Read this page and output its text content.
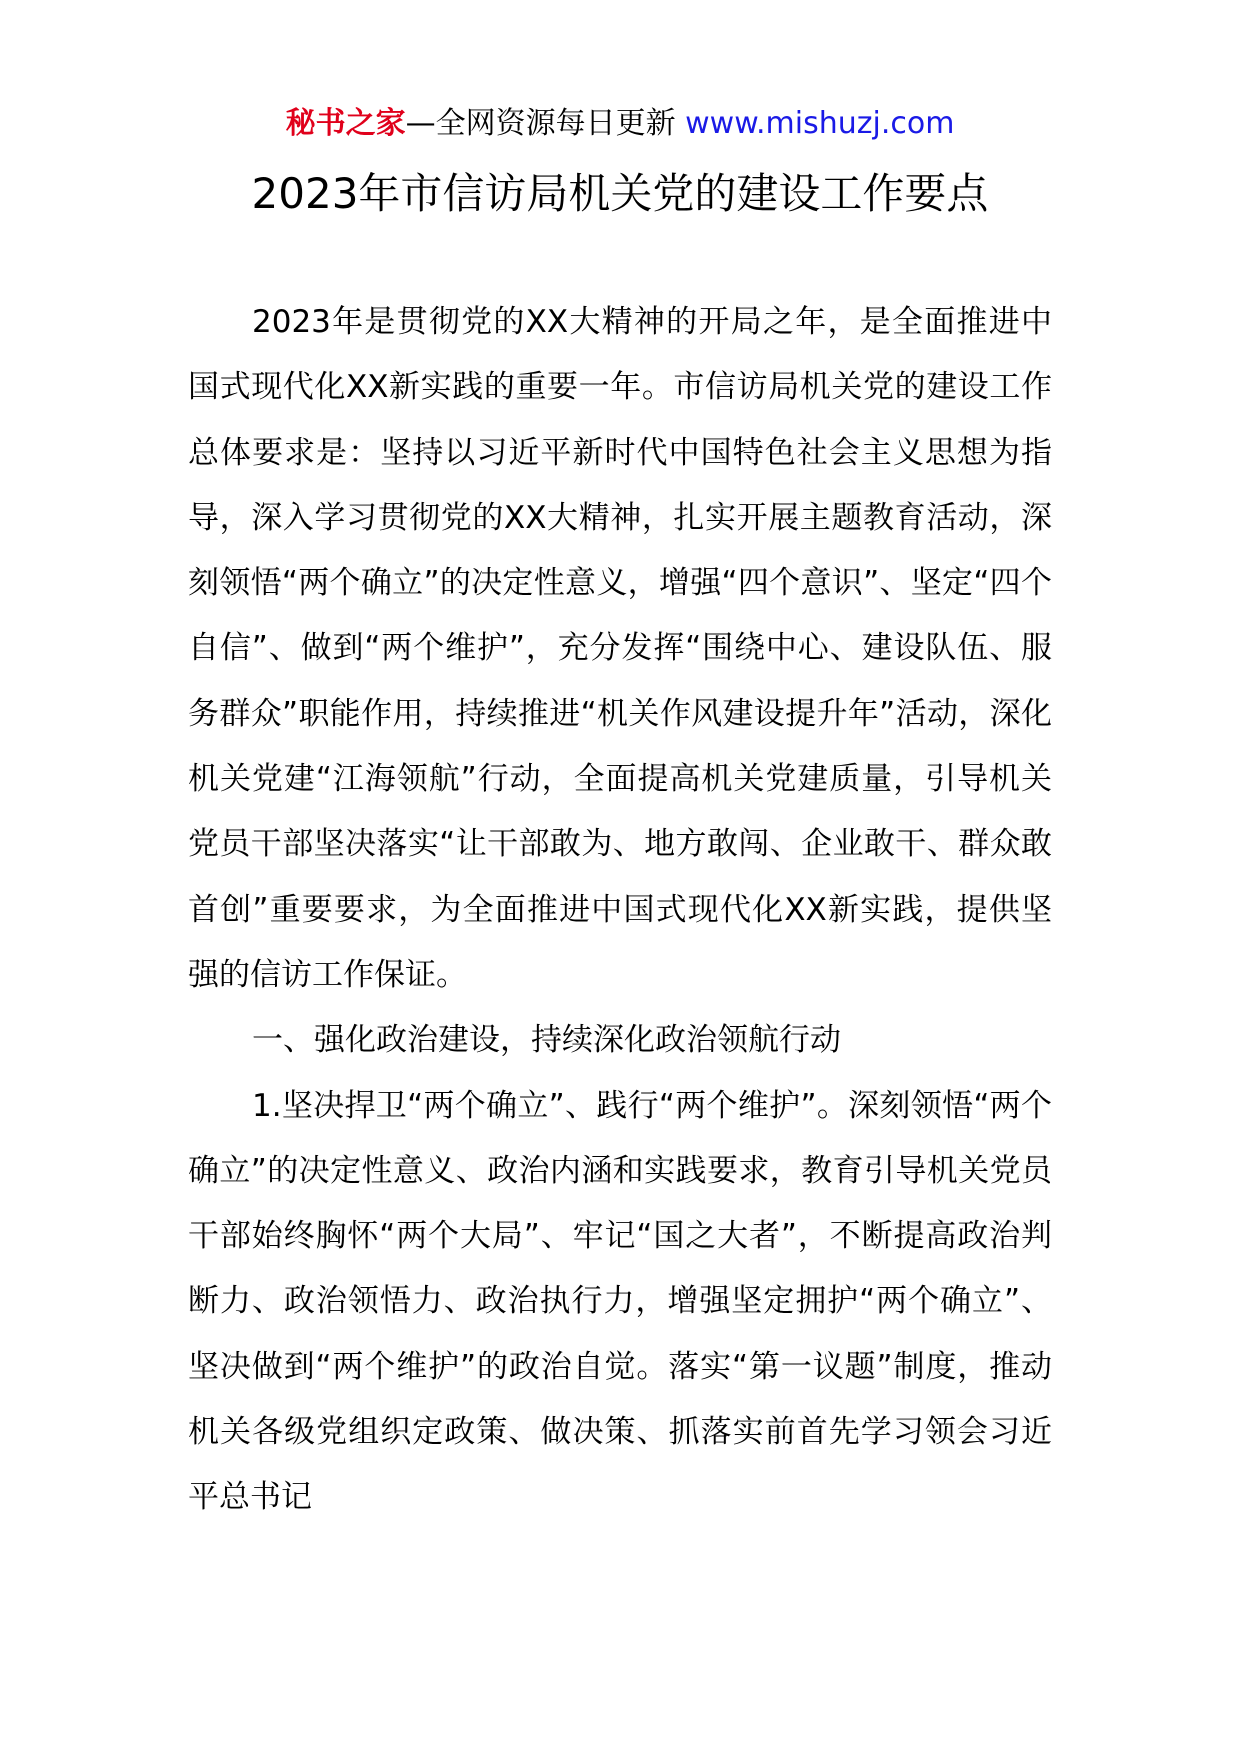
秘书之家—全网资源每日更新 www.mishuzj.com
2023年市信访局机关党的建设工作要点

2023年是贯彻党的XX大精神的开局之年，是全面推进中国式现代化XX新实践的重要一年。市信访局机关党的建设工作总体要求是：坚持以习近平新时代中国特色社会主义思想为指导，深入学习贯彻党的XX大精神，扎实开展主题教育活动，深刻领悟“两个确立”的决定性意义，增强“四个意识”、坚定“四个自信”、做到“两个维护”，充分发挥“围绕中心、建设队伍、服务群众”职能作用，持续推进“机关作风建设提升年”活动，深化机关党建“江海领航”行动，全面提高机关党建质量，引导机关党员干部坚决落实“让干部敢为、地方敢闯、企业敢干、群众敢首创”重要要求，为全面推进中国式现代化XX新实践，提供坚强的信访工作保证。

一、强化政治建设，持续深化政治领航行动

1.坚决捍卫“两个确立”、践行“两个维护”。深刻领悟“两个确立”的决定性意义、政治内涵和实践要求，教育引导机关党员干部始终胸怀“两个大局”、牢记“国之大者”，不断提高政治判断力、政治领悟力、政治执行力，增强坚定拥护“两个确立”、坚决做到“两个维护”的政治自觉。落实“第一议题”制度，推动机关各级党组织定政策、做决策、抓落实前首先学习领会习近平总书记
